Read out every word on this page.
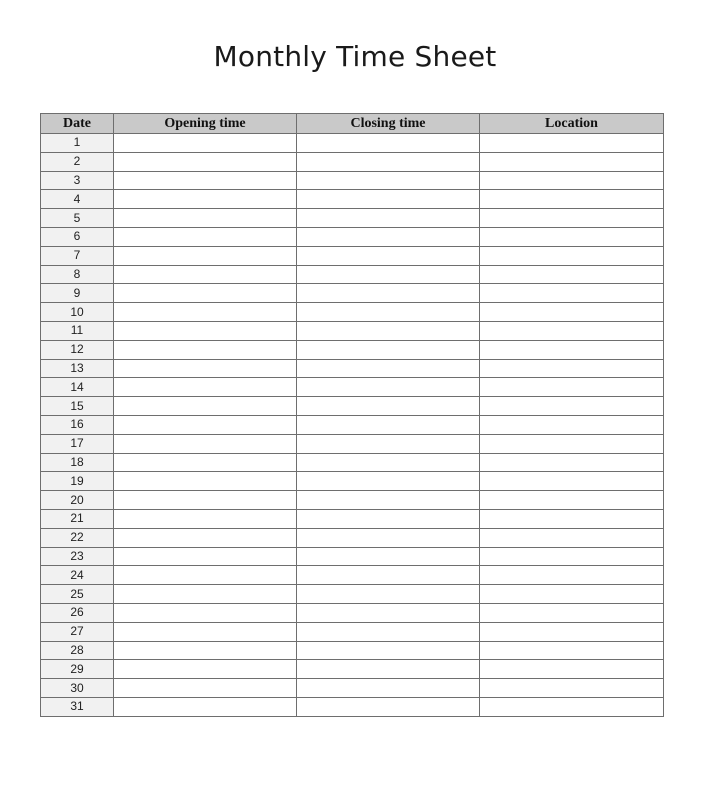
Monthly Time Sheet
Date	Opening time	Closing time	Location
1			
2			
3			
4			
5			
6			
7			
8			
9			
10			
11			
12			
13			
14			
15			
16			
17			
18			
19			
20			
21			
22			
23			
24			
25			
26			
27			
28			
29			
30			
31			
